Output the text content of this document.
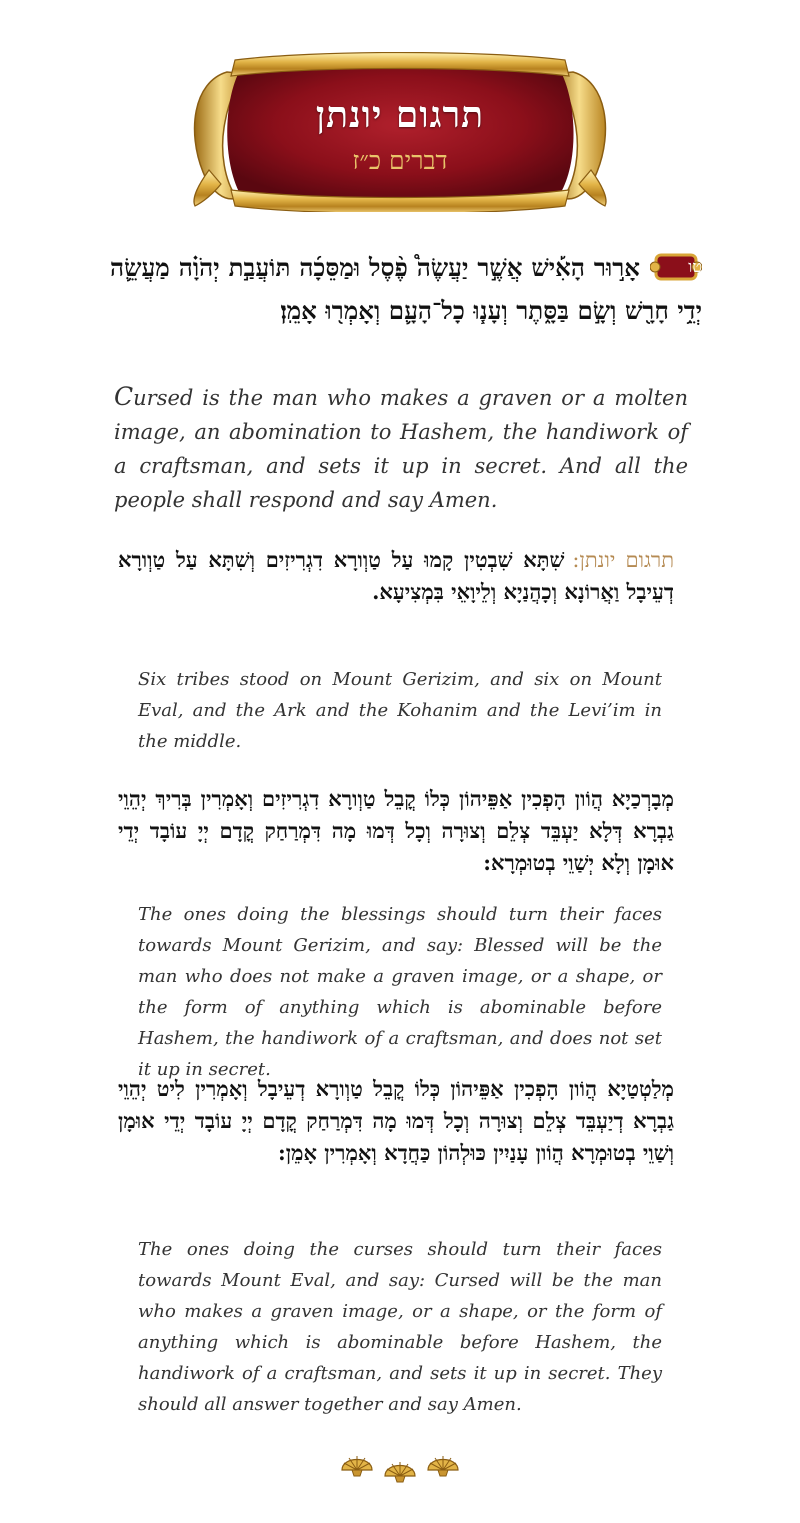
תרגום יונתן
דברים כ״ז
טו
אָר֣וּר הָאִ֡ישׁ אֲשֶׁ֣ר יַעֲשֶׂה֩ פֶ֨סֶל וּמַסֵּכָ֜ה תּוֹעֲבַ֣ת יְהֹוָ֗ה מַעֲשֵׂ֛ה יְדֵ֥י חָרָ֖שׁ וְשָׂ֣ם בַּסָּ֑תֶר וְעָנ֧וּ כָל־הָעָ֛ם וְאָמְר֖וּ אָמֵֽן׃
Cursed is the man who makes a graven or a molten image, an abomination to Hashem, the handiwork of a craftsman, and sets it up in secret. And all the people shall respond and say Amen.
תרגום יונתן:שִׁתָּא שִׁבְטִין קָמוּ עַל טַוְורָא דִגְרִיזִים וְשִׁתָּא עַל טַוְורָא דְעֵיבָל וַאֲרוֹנָא וְכָהֲנַיָא וְלֵיוָאֵי בִּמְצִיעָא.
Six tribes stood on Mount Gerizim, and six on Mount Eval, and the Ark and the Kohanim and the Levi’im in the middle.
מְבָרְכַיָא הֲוֹון הָפְכִין אַפֵּיהוֹן כְּלוֹ קֳבֵל טַוְורָא דִגְרִיזִים וְאָמְרִין בְּרִיךְ יְהֵוֵי גַבְרָא דְּלָא יַעְבֵּד צְלֵם וְצוּרָה וְכָל דְּמוּ מָה דִּמְרַחַק קֳדָם יְיָ עוֹבָד יְדֵי אוּמָן וְלָא יְשַׁוֵי בְטוּמְרָא:
The ones doing the blessings should turn their faces towards Mount Gerizim, and say: Blessed will be the man who does not make a graven image, or a shape, or the form of anything which is abominable before Hashem, the handiwork of a craftsman, and does not set it up in secret.
מְלַטְטַיָא הֲוֹון הָפְכִין אַפֵּיהוֹן כְּלוֹ קֳבֵל טַוְורָא דְעֵיבָל וְאָמְרִין לִיט יְהֵוֵי גַבְרָא דְיַעְבֵּד צְלֵם וְצוּרָה וְכָל דְּמוּ מָה דִּמְרַחַק קֳדָם יְיָ עוֹבָד יְדֵי אוּמָן וְשַׁוֵי בְטוּמְרָא הֲוֹון עָנַיִין כּוּלְהוֹן כַּחֲדָא וְאָמְרִין אָמֵן:
The ones doing the curses should turn their faces towards Mount Eval, and say: Cursed will be the man who makes a graven image, or a shape, or the form of anything which is abominable before Hashem, the handiwork of a craftsman, and sets it up in secret. They should all answer together and say Amen.
